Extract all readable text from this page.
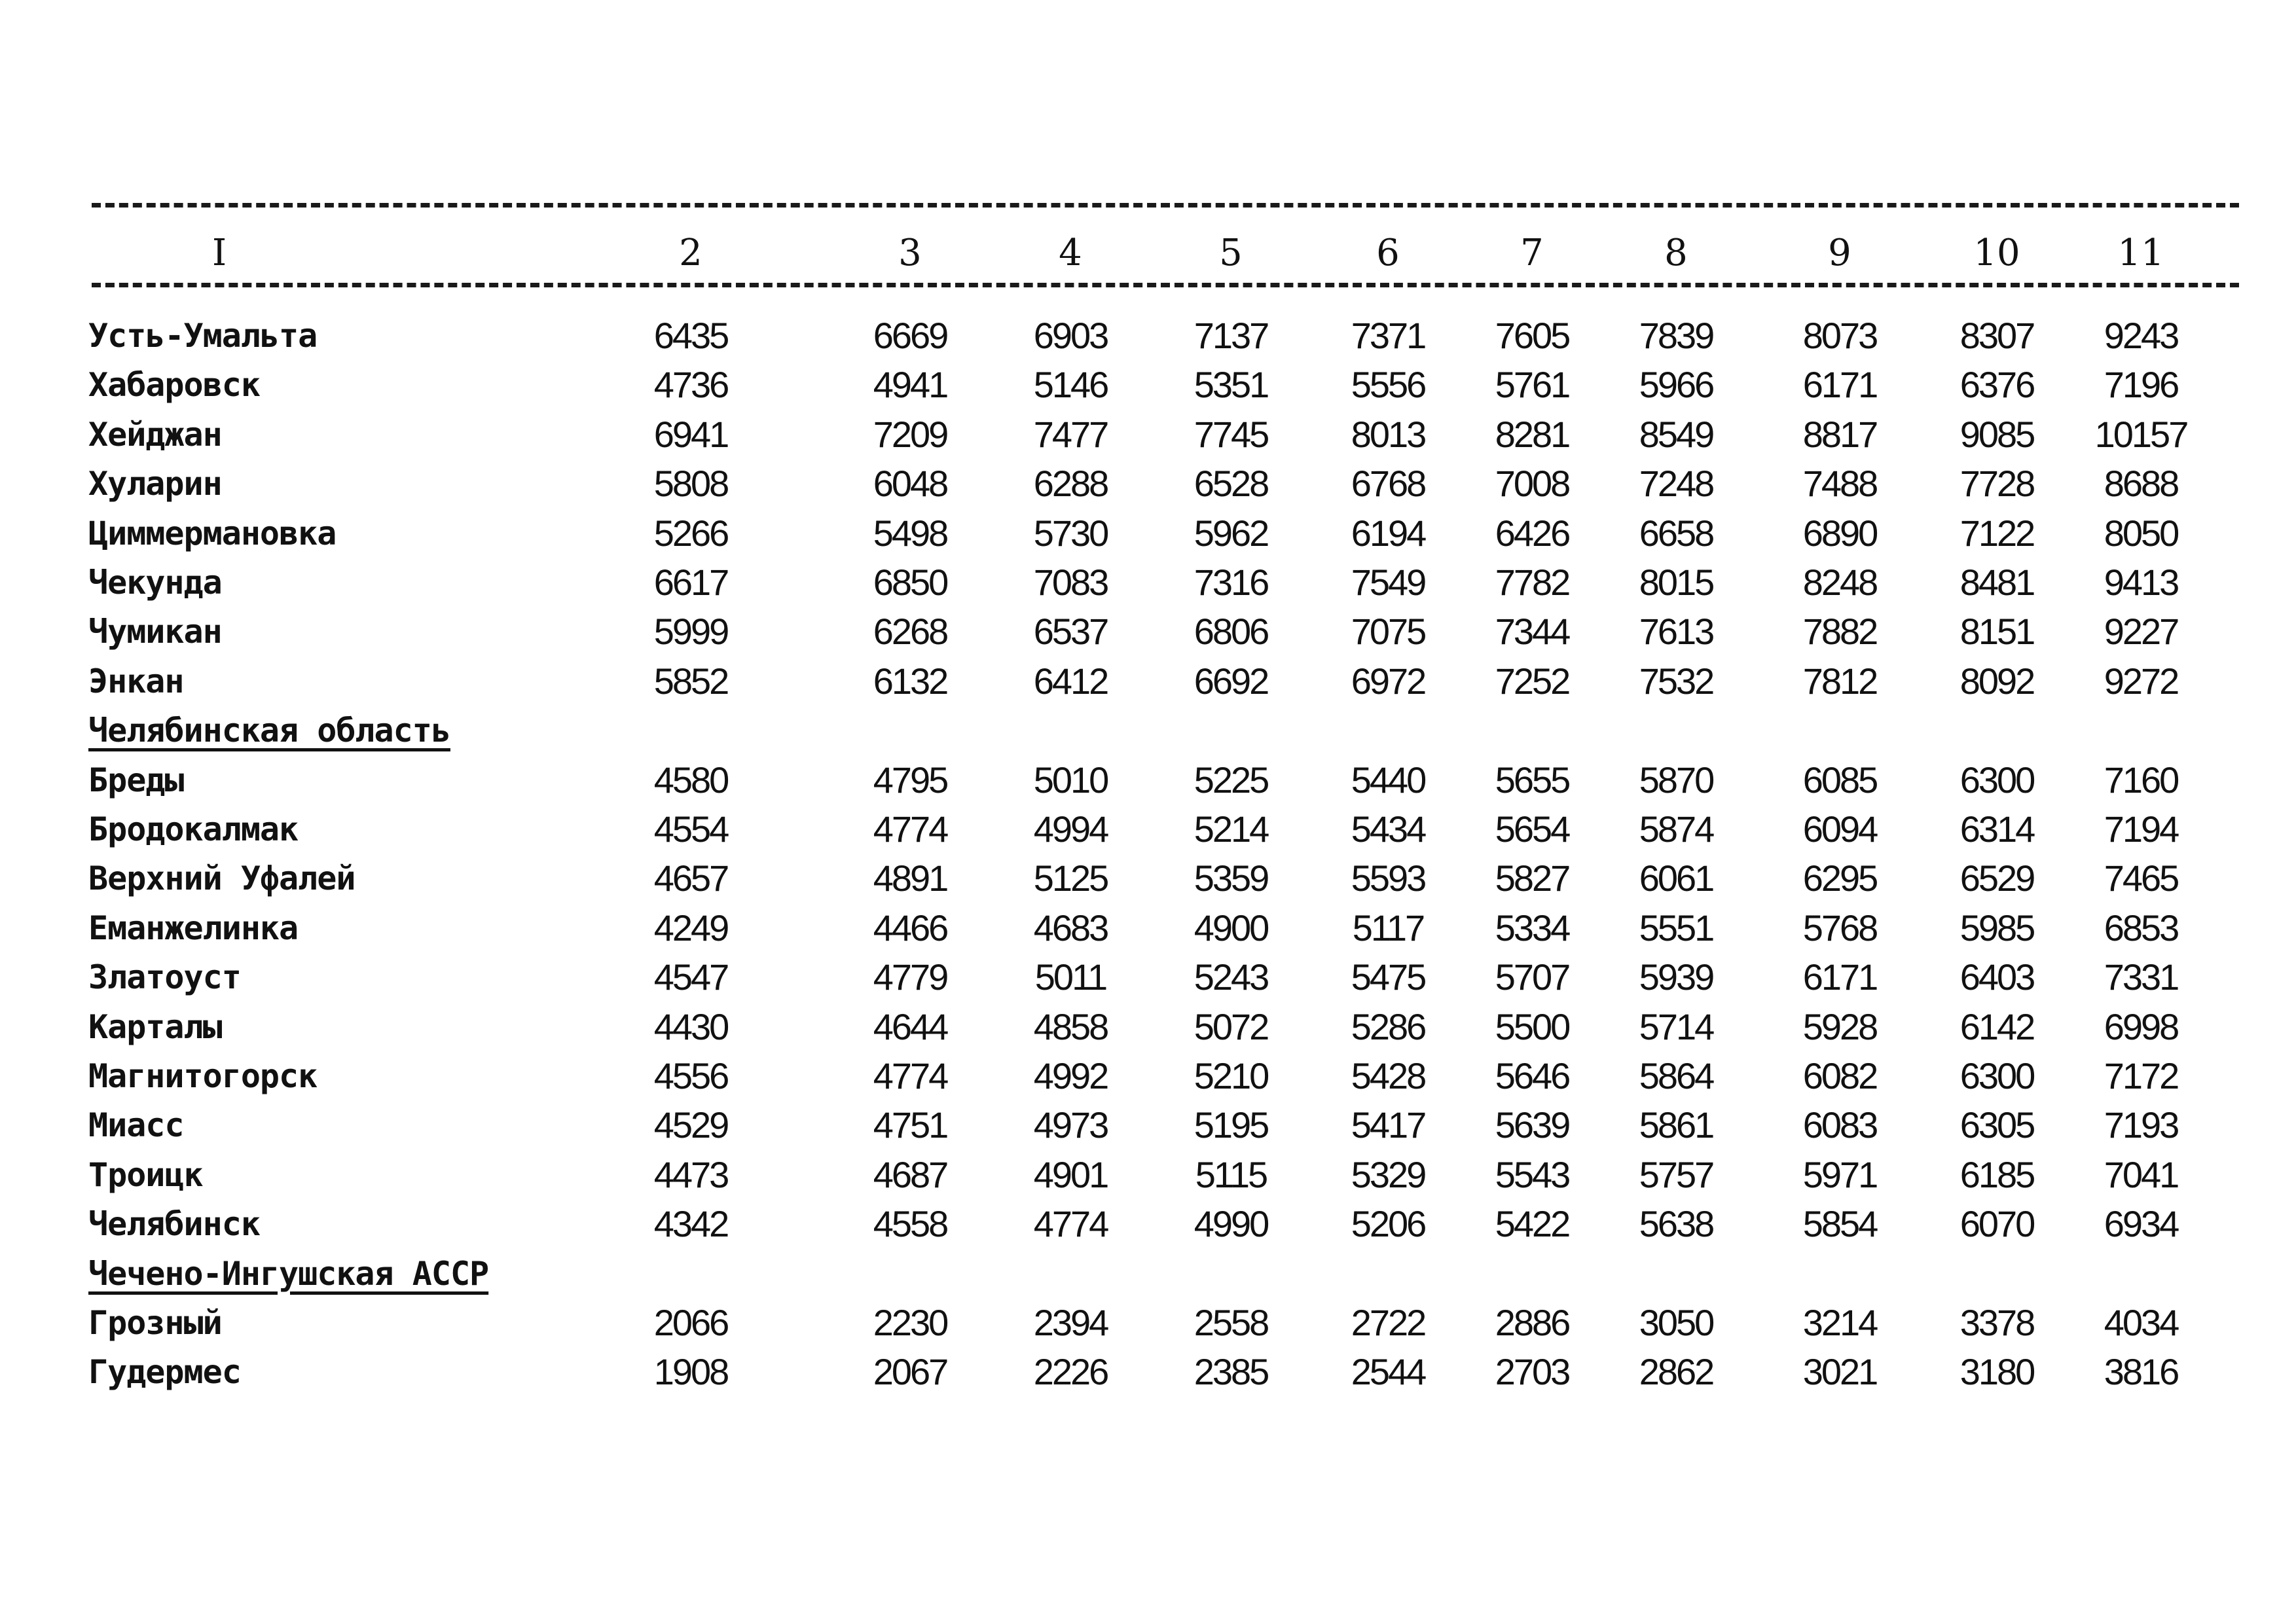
I	2	3	4	5	6	7	8	9	10	11
Усть-Умальта	6435	6669	6903	7137	7371	7605	7839	8073	8307	9243
Хабаровск	4736	4941	5146	5351	5556	5761	5966	6171	6376	7196
Хейджан	6941	7209	7477	7745	8013	8281	8549	8817	9085	10157
Хуларин	5808	6048	6288	6528	6768	7008	7248	7488	7728	8688
Циммермановка	5266	5498	5730	5962	6194	6426	6658	6890	7122	8050
Чекунда	6617	6850	7083	7316	7549	7782	8015	8248	8481	9413
Чумикан	5999	6268	6537	6806	7075	7344	7613	7882	8151	9227
Энкан	5852	6132	6412	6692	6972	7252	7532	7812	8092	9272
Челябинская область
Бреды	4580	4795	5010	5225	5440	5655	5870	6085	6300	7160
Бродокалмак	4554	4774	4994	5214	5434	5654	5874	6094	6314	7194
Верхний Уфалей	4657	4891	5125	5359	5593	5827	6061	6295	6529	7465
Еманжелинка	4249	4466	4683	4900	5117	5334	5551	5768	5985	6853
Златоуст	4547	4779	5011	5243	5475	5707	5939	6171	6403	7331
Карталы	4430	4644	4858	5072	5286	5500	5714	5928	6142	6998
Магнитогорск	4556	4774	4992	5210	5428	5646	5864	6082	6300	7172
Миасс	4529	4751	4973	5195	5417	5639	5861	6083	6305	7193
Троицк	4473	4687	4901	5115	5329	5543	5757	5971	6185	7041
Челябинск	4342	4558	4774	4990	5206	5422	5638	5854	6070	6934
Чечено-Ингушская АССР
Грозный	2066	2230	2394	2558	2722	2886	3050	3214	3378	4034
Гудермес	1908	2067	2226	2385	2544	2703	2862	3021	3180	3816
